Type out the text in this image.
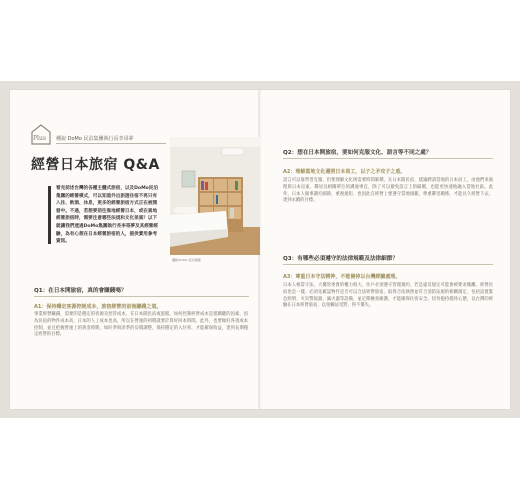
Plus 種說 DoMo 民泊集團執行長李哥夢
經營日本旅宿 Q&A
攝影/DoMo 民泊集團
看完前述台灣的各種主體式旅宿，以及DoMo民泊集團的經營模式，可以知道外出旅遊住宿不再只有入住、飲酒、休息，更多的經營旅宿方式正在被開發中。不過，若想要前往異地經營日本，或在異地經營旅宿時，需要注意哪些法規和文化差異？以下就讓我們透過DoMo集團執行長李哥夢及其經營經驗，為有心想在日本經營旅宿的人，提供實用參考資訊。
Q1：在日本開旅宿，真的會賺錢嗎？
A1：保持穩定客源控制成本，旅宿經營的前後賺錢之道。
事業經營賺錢，需要的是穩定的客源及控管成本，在日本開民宿或旅館，如何控制經營成本是很關鍵的因素，因為民宿的物件成本高，日本的人工成本也高，所以在營運的初期就要計算好回本時間。此外，也要做好各項成本控制，並且把握營運上的黃金時期，如旺季與淡季的房價調整，保持穩定的入住率，才能確保收益，達到長期穩定經營的目標。
Q2：想在日本開旅宿，要如何克服文化、語言等不同之處？
A2：理解當地文化遵照日本員工，以子之矛攻子之盾。
語言可以靠學習克服，但要理解文化則需要時間累積。在日本開民宿，建議聘請當地的日本員工，由他們來處理與日本房東、鄰居及相關單位的溝通事宜，除了可以避免語言上的隔閡，也能更快速地融入當地社區。此外，日本人做事講究細節，重視規矩，也因此在經營上要遵守當地規範，尊重鄰里關係，才能長久經營下去，達到永續的目標。
Q3：有哪些必須遵守的法律規範及法律細節？
A3：尊重日本守法精神，不能僥倖以台灣經驗處理。
日本人相當守法，大樓管委會的權力很大，住戶必須遵守管理規約，若是違反規定可能會被要求搬離。經營民宿也是一樣，必須先確認物件是否可以合法經營旅宿，取得合法執照並符合消防法規的相關規定，包括設置緊急照明、火災警報器、滅火器等設備，並定期檢查維護，才能確保住客安全。切勿抱持僥倖心態，以台灣的經驗在日本經營旅宿，以免觸法受罰，得不償失。
